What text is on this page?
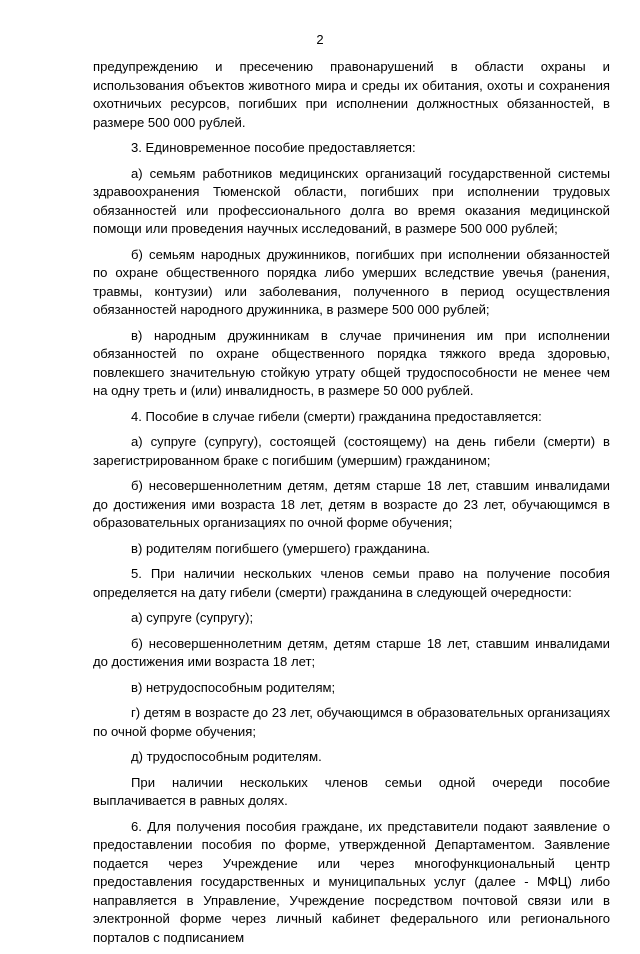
2

предупреждению и пресечению правонарушений в области охраны и использования объектов животного мира и среды их обитания, охоты и сохранения охотничьих ресурсов, погибших при исполнении должностных обязанностей, в размере 500 000 рублей.

3. Единовременное пособие предоставляется:

а) семьям работников медицинских организаций государственной системы здравоохранения Тюменской области, погибших при исполнении трудовых обязанностей или профессионального долга во время оказания медицинской помощи или проведения научных исследований, в размере 500 000 рублей;

б) семьям народных дружинников, погибших при исполнении обязанностей по охране общественного порядка либо умерших вследствие увечья (ранения, травмы, контузии) или заболевания, полученного в период осуществления обязанностей народного дружинника, в размере 500 000 рублей;

в) народным дружинникам в случае причинения им при исполнении обязанностей по охране общественного порядка тяжкого вреда здоровью, повлекшего значительную стойкую утрату общей трудоспособности не менее чем на одну треть и (или) инвалидность, в размере 50 000 рублей.

4. Пособие в случае гибели (смерти) гражданина предоставляется:

а) супруге (супругу), состоящей (состоящему) на день гибели (смерти) в зарегистрированном браке с погибшим (умершим) гражданином;

б) несовершеннолетним детям, детям старше 18 лет, ставшим инвалидами до достижения ими возраста 18 лет, детям в возрасте до 23 лет, обучающимся в образовательных организациях по очной форме обучения;

в) родителям погибшего (умершего) гражданина.

5. При наличии нескольких членов семьи право на получение пособия определяется на дату гибели (смерти) гражданина в следующей очередности:

а) супруге (супругу);

б) несовершеннолетним детям, детям старше 18 лет, ставшим инвалидами до достижения ими возраста 18 лет;

в) нетрудоспособным родителям;

г) детям в возрасте до 23 лет, обучающимся в образовательных организациях по очной форме обучения;

д) трудоспособным родителям.

При наличии нескольких членов семьи одной очереди пособие выплачивается в равных долях.

6. Для получения пособия граждане, их представители подают заявление о предоставлении пособия по форме, утвержденной Департаментом. Заявление подается через Учреждение или через многофункциональный центр предоставления государственных и муниципальных услуг (далее - МФЦ) либо направляется в Управление, Учреждение посредством почтовой связи или в электронной форме через личный кабинет федерального или регионального порталов с подписанием
